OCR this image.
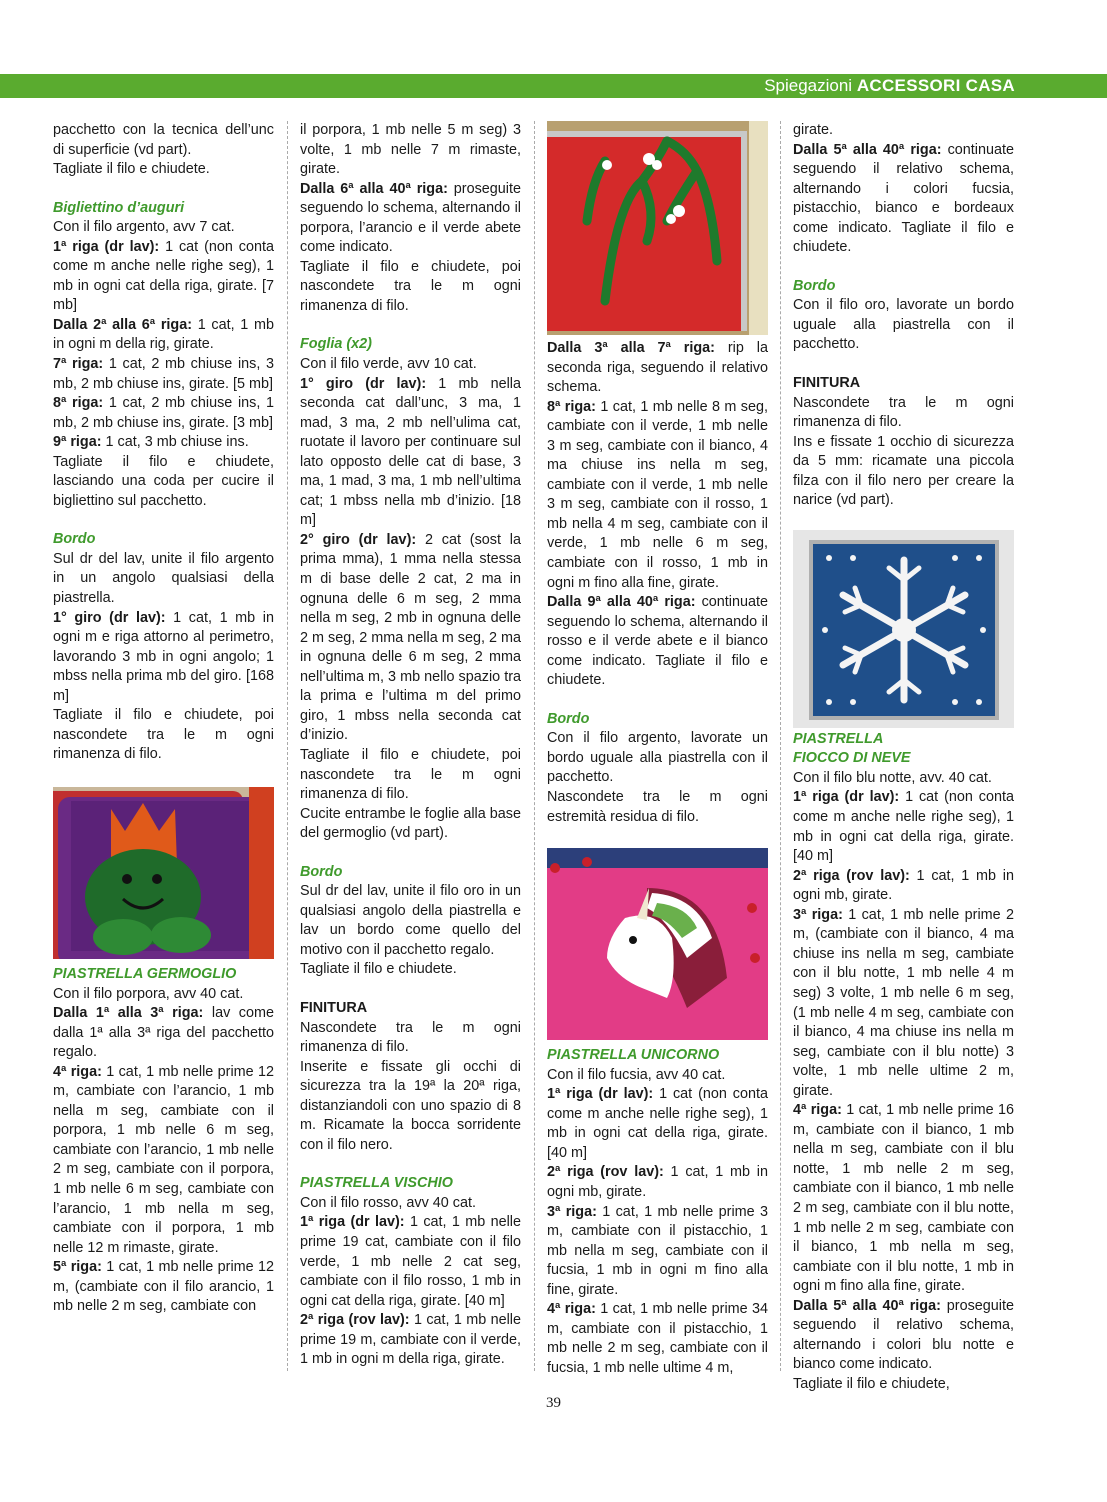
Spiegazioni ACCESSORI CASA

pacchetto con la tecnica dell’unc di superficie (vd part).

Tagliate il filo e chiudete.

Bigliettino d’auguri

Con il filo argento, avv 7 cat.

1ª riga (dr lav): 1 cat (non conta come m anche nelle righe seg), 1 mb in ogni cat della riga, girate. [7 mb]

Dalla 2ª alla 6ª riga: 1 cat, 1 mb in ogni m della rig, girate.

7ª riga: 1 cat, 2 mb chiuse ins, 3 mb, 2 mb chiuse ins, girate. [5 mb]

8ª riga: 1 cat, 2 mb chiuse ins, 1 mb, 2 mb chiuse ins, girate. [3 mb]

9ª riga: 1 cat, 3 mb chiuse ins.

Tagliate il filo e chiudete, lasciando una coda per cucire il bigliettino sul pacchetto.

Bordo

Sul dr del lav, unite il filo argento in un angolo qualsiasi della piastrella.

1° giro (dr lav): 1 cat, 1 mb in ogni m e riga attorno al perimetro, lavorando 3 mb in ogni angolo; 1 mbss nella prima mb del giro. [168 m]

Tagliate il filo e chiudete, poi nascondete tra le m ogni rimanenza di filo.

PIASTRELLA GERMOGLIO

Con il filo porpora, avv 40 cat.

Dalla 1ª alla 3ª riga: lav come dalla 1ª alla 3ª riga del pacchetto regalo.

4ª riga: 1 cat, 1 mb nelle prime 12 m, cambiate con l’arancio, 1 mb nella m seg, cambiate con il porpora, 1 mb nelle 6 m seg, cambiate con l’arancio, 1 mb nelle 2 m seg, cambiate con il porpora, 1 mb nelle 6 m seg, cambiate con l’arancio, 1 mb nella m seg, cambiate con il porpora, 1 mb nelle 12 m rimaste, girate.

5ª riga: 1 cat, 1 mb nelle prime 12 m, (cambiate con il filo arancio, 1 mb nelle 2 m seg, cambiate con

il porpora, 1 mb nelle 5 m seg) 3 volte, 1 mb nelle 7 m rimaste, girate.

Dalla 6ª alla 40ª riga: proseguite seguendo lo schema, alternando il porpora, l’arancio e il verde abete come indicato.

Tagliate il filo e chiudete, poi nascondete tra le m ogni rimanenza di filo.

Foglia (x2)

Con il filo verde, avv 10 cat.

1° giro (dr lav): 1 mb nella seconda cat dall’unc, 3 ma, 1 mad, 3 ma, 2 mb nell’ulima cat, ruotate il lavoro per continuare sul lato opposto delle cat di base, 3 ma, 1 mad, 3 ma, 1 mb nell’ultima cat; 1 mbss nella mb d’inizio. [18 m]

2° giro (dr lav): 2 cat (sost la prima mma), 1 mma nella stessa m di base delle 2 cat, 2 ma in ognuna delle 6 m seg, 2 mma nella m seg, 2 mb in ognuna delle 2 m seg, 2 mma nella m seg, 2 ma in ognuna delle 6 m seg, 2 mma nell’ultima m, 3 mb nello spazio tra la prima e l’ultima m del primo giro, 1 mbss nella seconda cat d’inizio.

Tagliate il filo e chiudete, poi nascondete tra le m ogni rimanenza di filo.

Cucite entrambe le foglie alla base del germoglio (vd part).

Bordo

Sul dr del lav, unite il filo oro in un qualsiasi angolo della piastrella e lav un bordo come quello del motivo con il pacchetto regalo.

Tagliate il filo e chiudete.

FINITURA

Nascondete tra le m ogni rimanenza di filo.

Inserite e fissate gli occhi di sicurezza tra la 19ª la 20ª riga, distanziandoli con uno spazio di 8 m. Ricamate la bocca sorridente con il filo nero.

PIASTRELLA VISCHIO

Con il filo rosso, avv 40 cat.

1ª riga (dr lav): 1 cat, 1 mb nelle prime 19 cat, cambiate con il filo verde, 1 mb nelle 2 cat seg, cambiate con il filo rosso, 1 mb in ogni cat della riga, girate. [40 m]

2ª riga (rov lav): 1 cat, 1 mb nelle prime 19 m, cambiate con il verde, 1 mb in ogni m della riga, girate.

Dalla 3ª alla 7ª riga: rip la seconda riga, seguendo il relativo schema.

8ª riga: 1 cat, 1 mb nelle 8 m seg, cambiate con il verde, 1 mb nelle 3 m seg, cambiate con il bianco, 4 ma chiuse ins nella m seg, cambiate con il verde, 1 mb nelle 3 m seg, cambiate con il rosso, 1 mb nella 4 m seg, cambiate con il verde, 1 mb nelle 6 m seg, cambiate con il rosso, 1 mb in ogni m fino alla fine, girate.

Dalla 9ª alla 40ª riga: continuate seguendo lo schema, alternando il rosso e il verde abete e il bianco come indicato. Tagliate il filo e chiudete.

Bordo

Con il filo argento, lavorate un bordo uguale alla piastrella con il pacchetto.

Nascondete tra le m ogni estremità residua di filo.

PIASTRELLA UNICORNO

Con il filo fucsia, avv 40 cat.

1ª riga (dr lav): 1 cat (non conta come m anche nelle righe seg), 1 mb in ogni cat della riga, girate. [40 m]

2ª riga (rov lav): 1 cat, 1 mb in ogni mb, girate.

3ª riga: 1 cat, 1 mb nelle prime 3 m, cambiate con il pistacchio, 1 mb nella m seg, cambiate con il fucsia, 1 mb in ogni m fino alla fine, girate.

4ª riga: 1 cat, 1 mb nelle prime 34 m, cambiate con il pistacchio, 1 mb nelle 2 m seg, cambiate con il fucsia, 1 mb nelle ultime 4 m,

girate.

Dalla 5ª alla 40ª riga: continuate seguendo il relativo schema, alternando i colori fucsia, pistacchio, bianco e bordeaux come indicato. Tagliate il filo e chiudete.

Bordo

Con il filo oro, lavorate un bordo uguale alla piastrella con il pacchetto.

FINITURA

Nascondete tra le m ogni rimanenza di filo.

Ins e fissate 1 occhio di sicurezza da 5 mm: ricamate una piccola filza con il filo nero per creare la narice (vd part).

PIASTRELLA
FIOCCO DI NEVE

Con il filo blu notte, avv. 40 cat.

1ª riga (dr lav): 1 cat (non conta come m anche nelle righe seg), 1 mb in ogni cat della riga, girate. [40 m]

2ª riga (rov lav): 1 cat, 1 mb in ogni mb, girate.

3ª riga: 1 cat, 1 mb nelle prime 2 m, (cambiate con il bianco, 4 ma chiuse ins nella m seg, cambiate con il blu notte, 1 mb nelle 4 m seg) 3 volte, 1 mb nelle 6 m seg, (1 mb nelle 4 m seg, cambiate con il bianco, 4 ma chiuse ins nella m seg, cambiate con il blu notte) 3 volte, 1 mb nelle ultime 2 m, girate.

4ª riga: 1 cat, 1 mb nelle prime 16 m, cambiate con il bianco, 1 mb nella m seg, cambiate con il blu notte, 1 mb nelle 2 m seg, cambiate con il bianco, 1 mb nelle 2 m seg, cambiate con il blu notte, 1 mb nelle 2 m seg, cambiate con il bianco, 1 mb nella m seg, cambiate con il blu notte, 1 mb in ogni m fino alla fine, girate.

Dalla 5ª alla 40ª riga: proseguite seguendo il relativo schema, alternando i colori blu notte e bianco come indicato.

Tagliate il filo e chiudete,

39
